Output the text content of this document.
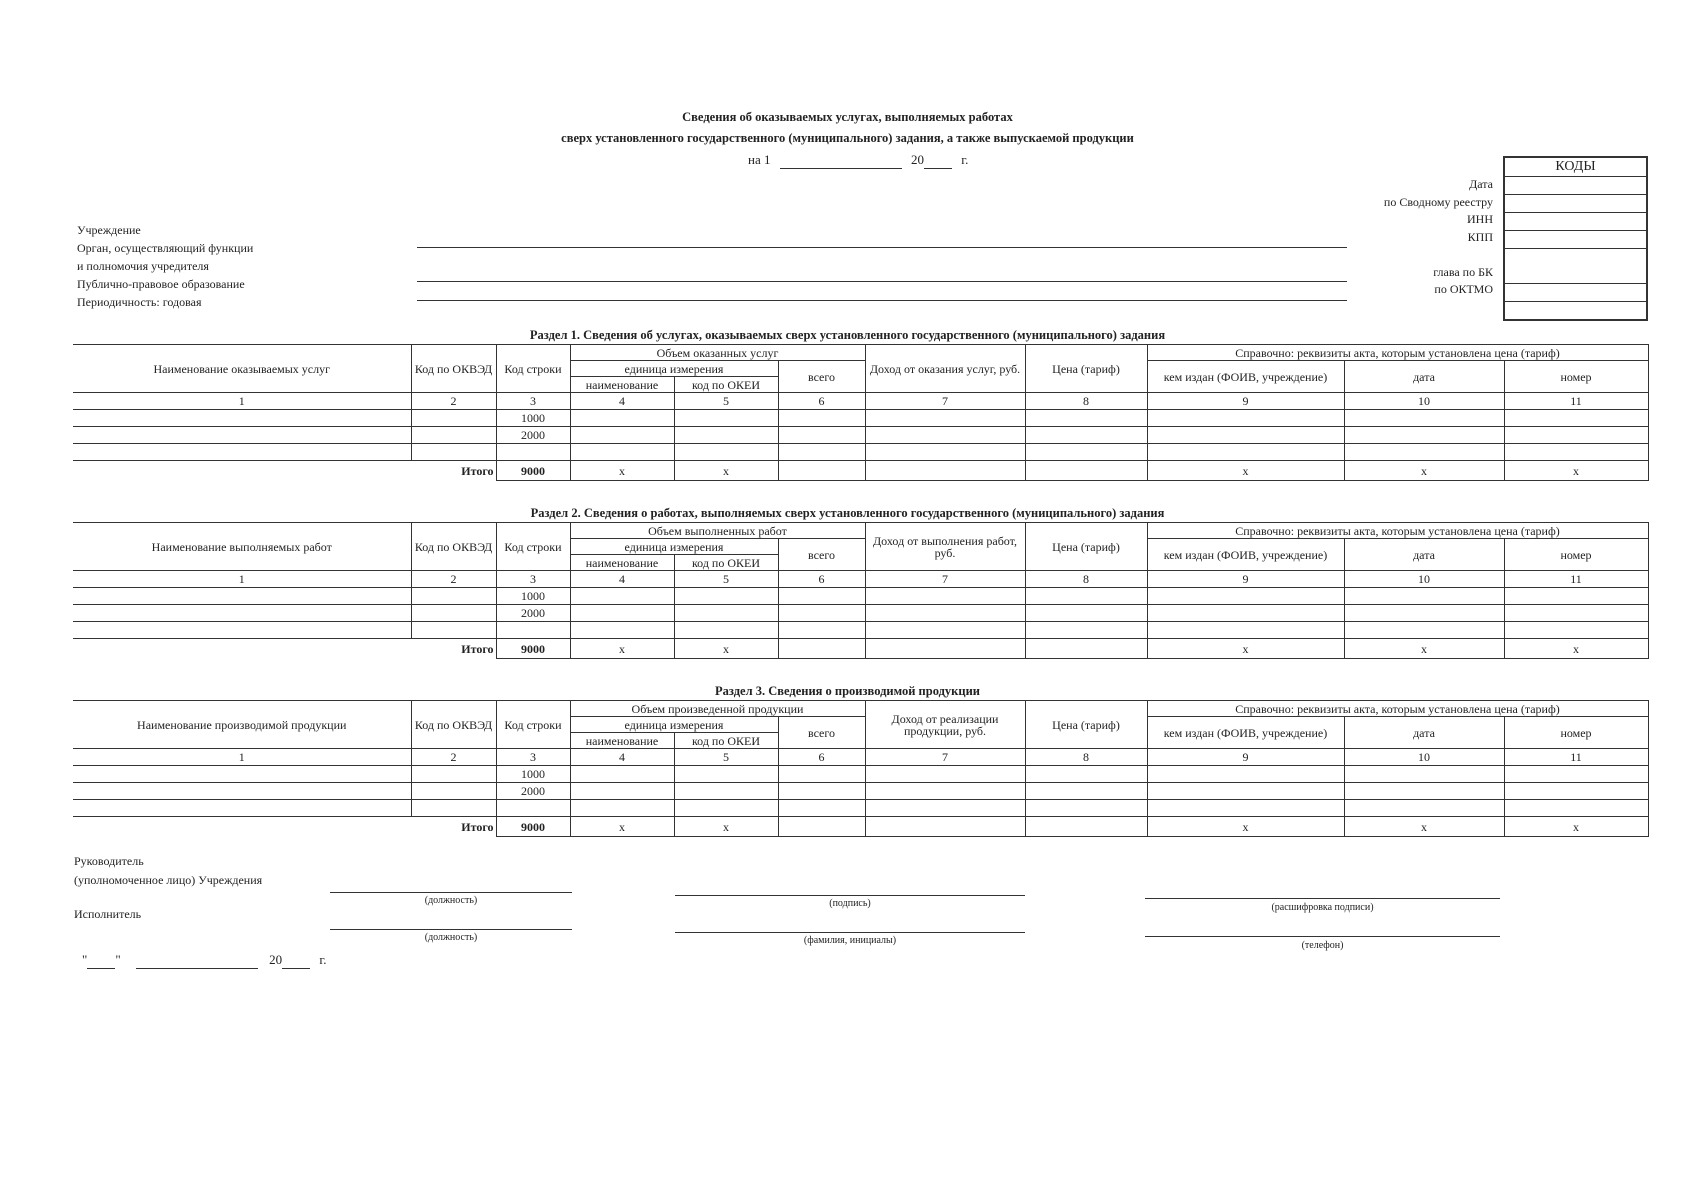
Сведения об оказываемых услугах, выполняемых работах
сверх установленного государственного (муниципального) задания, а также выпускаемой продукции
на 1	20	г.	КОДЫ
Дата
по Сводному реестру
ИНН
КПП
глава по БК
по ОКТМО
Учреждение
Орган, осуществляющий функции
и полномочия учредителя
Публично-правовое образование
Периодичность: годовая
Раздел 1. Сведения об услугах, оказываемых сверх установленного государственного (муниципального) задания
Раздел 2. Сведения о работах, выполняемых сверх установленного государственного (муниципального) задания
Раздел 3. Сведения о производимой продукции
Наименование оказываемых услуг	Код по ОКВЭД	Код строки	Объем оказанных услуг			Доход от оказания услуг, руб.	Цена (тариф)	Справочно: реквизиты акта, которым установлена цена (тариф)		
			единица измерения		всего			кем издан (ФОИВ, учреждение)	дата	номер
			наименование	код по ОКЕИ						
1	2	3	4	5	6	7	8	9	10	11
		1000								
		2000								

	Итого	9000	x	x				x	x	x
Наименование выполняемых работ	Код по ОКВЭД	Код строки	Объем выполненных работ			Доход от выполнения работ, руб.	Цена (тариф)	Справочно: реквизиты акта, которым установлена цена (тариф)		
			единица измерения		всего			кем издан (ФОИВ, учреждение)	дата	номер
			наименование	код по ОКЕИ						
1	2	3	4	5	6	7	8	9	10	11
		1000								
		2000								

	Итого	9000	x	x				x	x	x
Наименование производимой продукции	Код по ОКВЭД	Код строки	Объем произведенной продукции			Доход от реализации продукции, руб.	Цена (тариф)	Справочно: реквизиты акта, которым установлена цена (тариф)		
			единица измерения		всего			кем издан (ФОИВ, учреждение)	дата	номер
			наименование	код по ОКЕИ						
1	2	3	4	5	6	7	8	9	10	11
		1000								
		2000								

	Итого	9000	x	x				x	x	x
Руководитель
(уполномоченное лицо) Учреждения
Исполнитель
(должность)	(подпись)	(расшифровка подписи)
(должность)	(фамилия, инициалы)	(телефон)
" "	20	г.
